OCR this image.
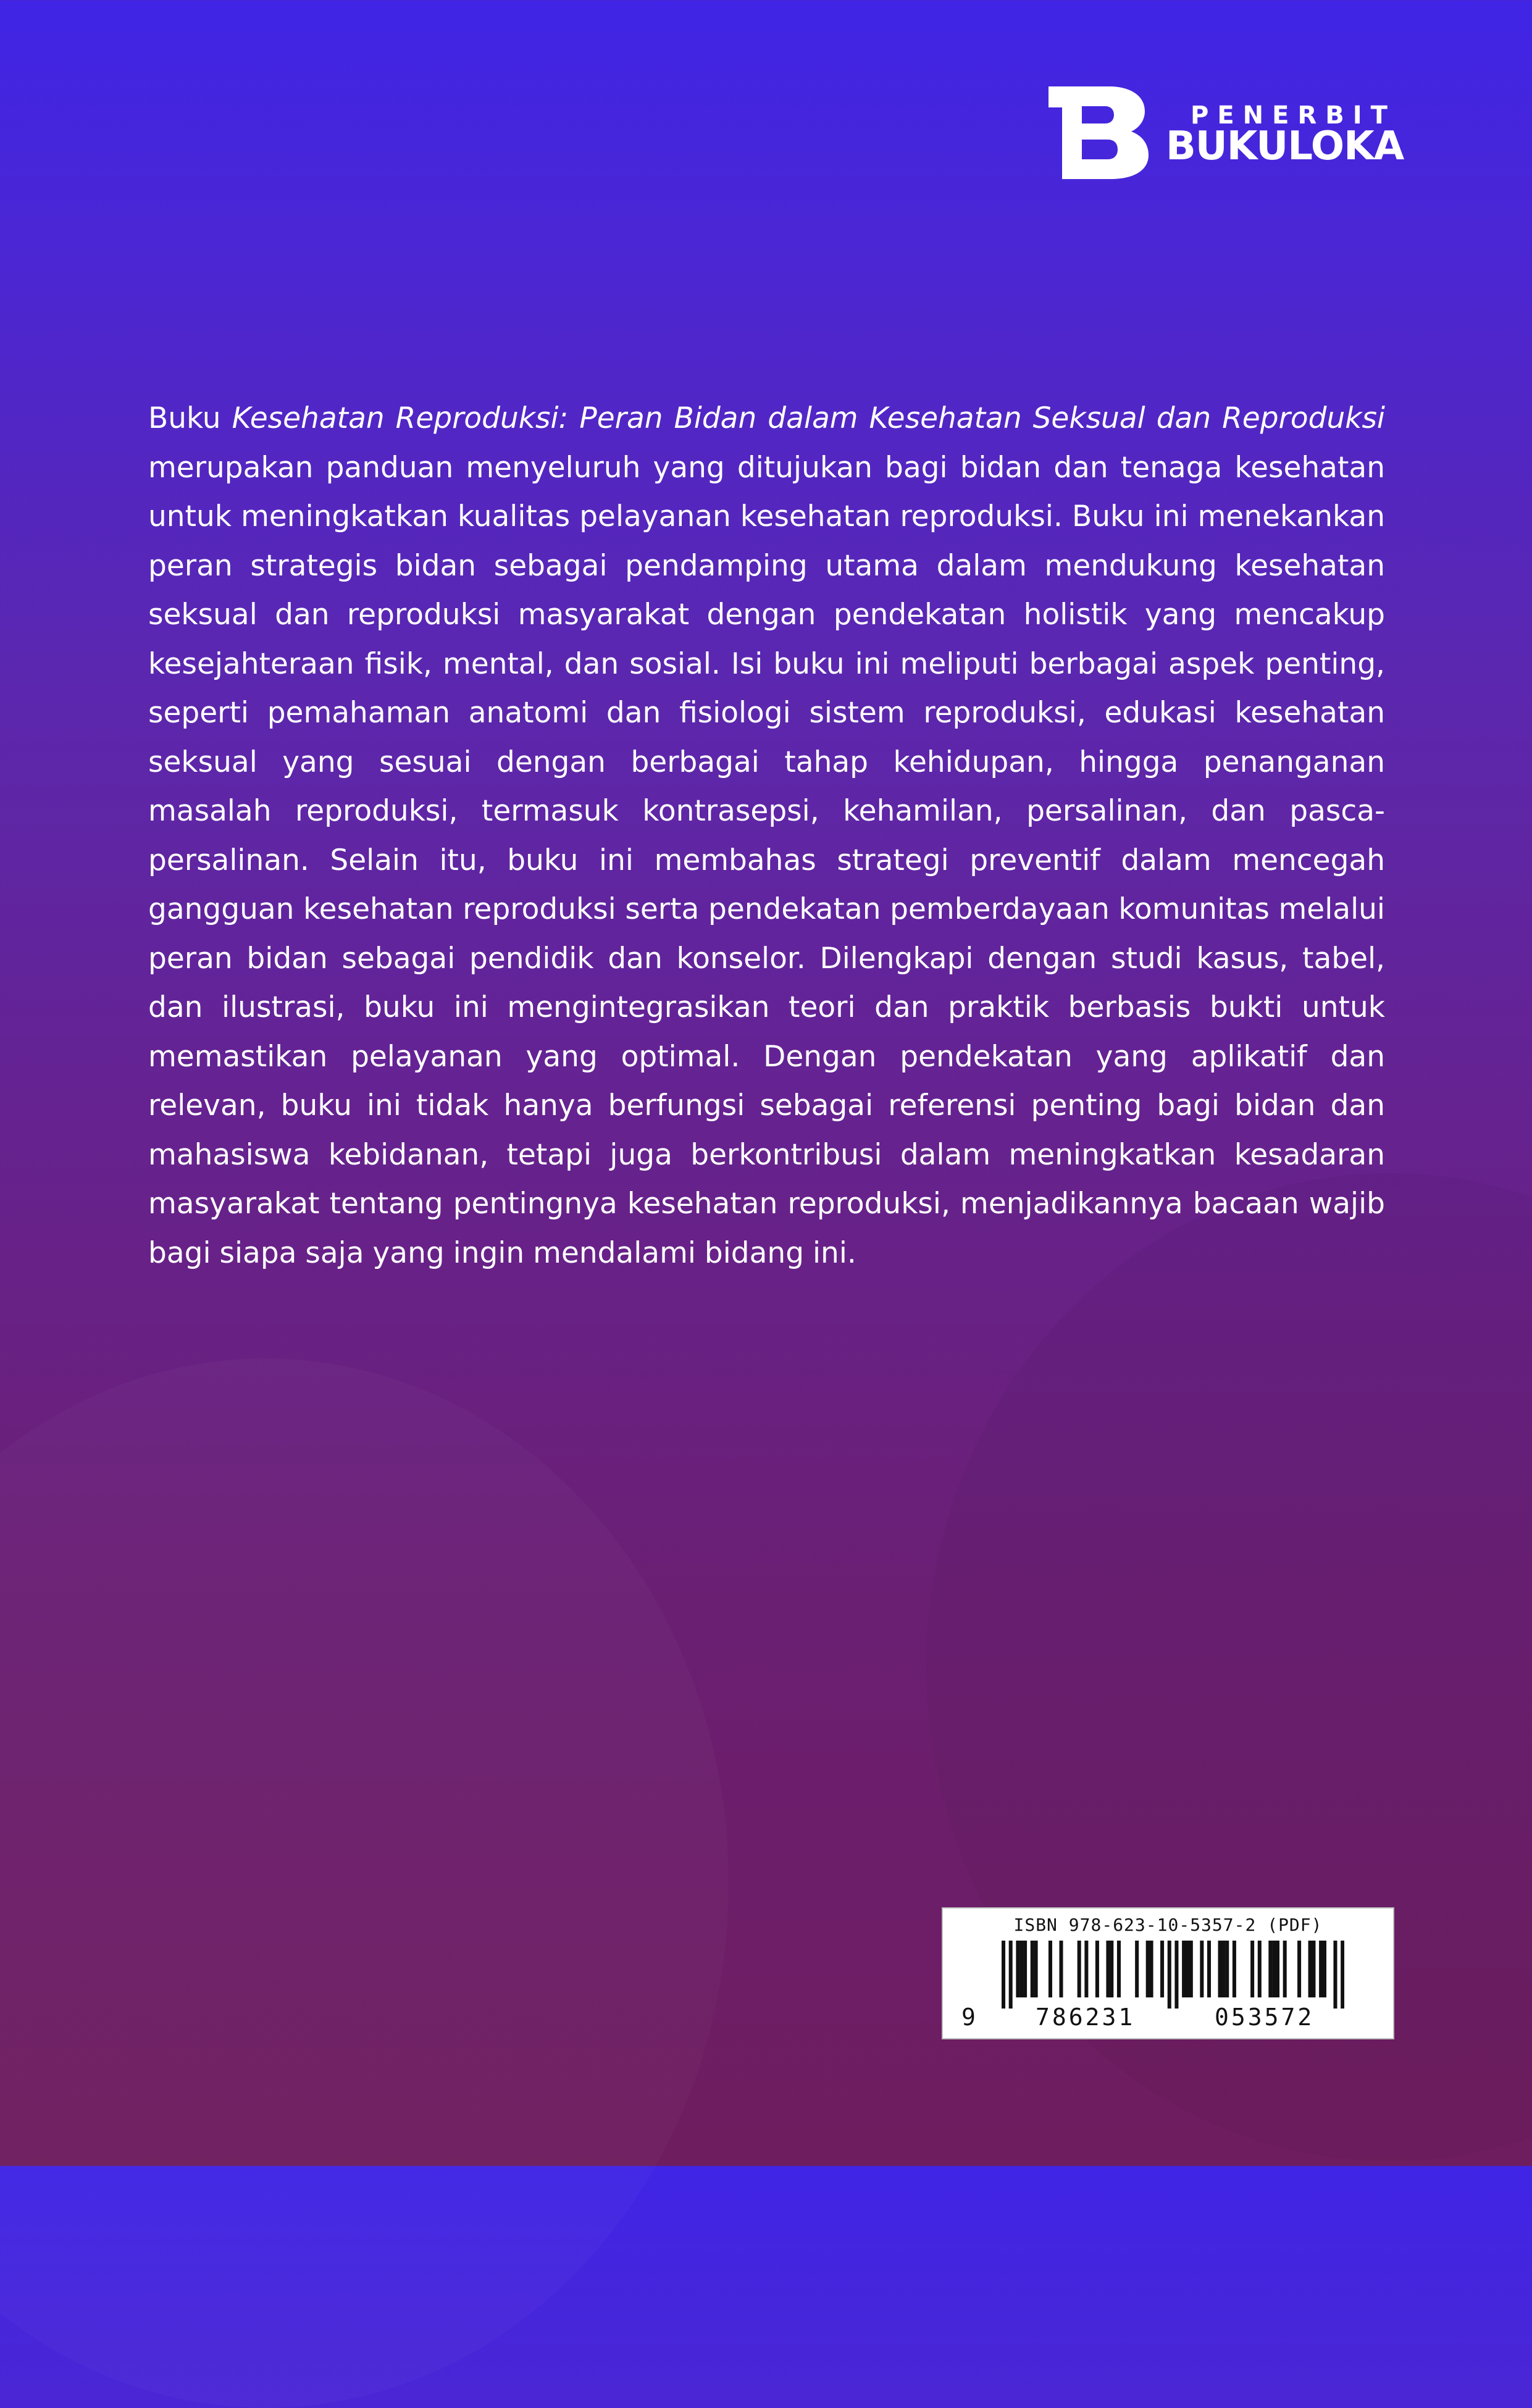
B
PENERBIT
BUKULOKA

Buku Kesehatan Reproduksi: Peran Bidan dalam Kesehatan Seksual dan Reproduksi merupakan panduan menyeluruh yang ditujukan bagi bidan dan tenaga kesehatan untuk meningkatkan kualitas pelayanan kesehatan reproduksi. Buku ini menekankan peran strategis bidan sebagai pendamping utama dalam mendukung kesehatan seksual dan reproduksi masyarakat dengan pendekatan holistik yang mencakup kesejahteraan fisik, mental, dan sosial. Isi buku ini meliputi berbagai aspek penting, seperti pemahaman anatomi dan fisiologi sistem reproduksi, edukasi kesehatan seksual yang sesuai dengan berbagai tahap kehidupan, hingga penanganan masalah reproduksi, termasuk kontrasepsi, kehamilan, persalinan, dan pasca-persalinan. Selain itu, buku ini membahas strategi preventif dalam mencegah gangguan kesehatan reproduksi serta pendekatan pemberdayaan komunitas melalui peran bidan sebagai pendidik dan konselor. Dilengkapi dengan studi kasus, tabel, dan ilustrasi, buku ini mengintegrasikan teori dan praktik berbasis bukti untuk memastikan pelayanan yang optimal. Dengan pendekatan yang aplikatif dan relevan, buku ini tidak hanya berfungsi sebagai referensi penting bagi bidan dan mahasiswa kebidanan, tetapi juga berkontribusi dalam meningkatkan kesadaran masyarakat tentang pentingnya kesehatan reproduksi, menjadikannya bacaan wajib bagi siapa saja yang ingin mendalami bidang ini.

ISBN 978-623-10-5357-2 (PDF)
9	786231	053572
